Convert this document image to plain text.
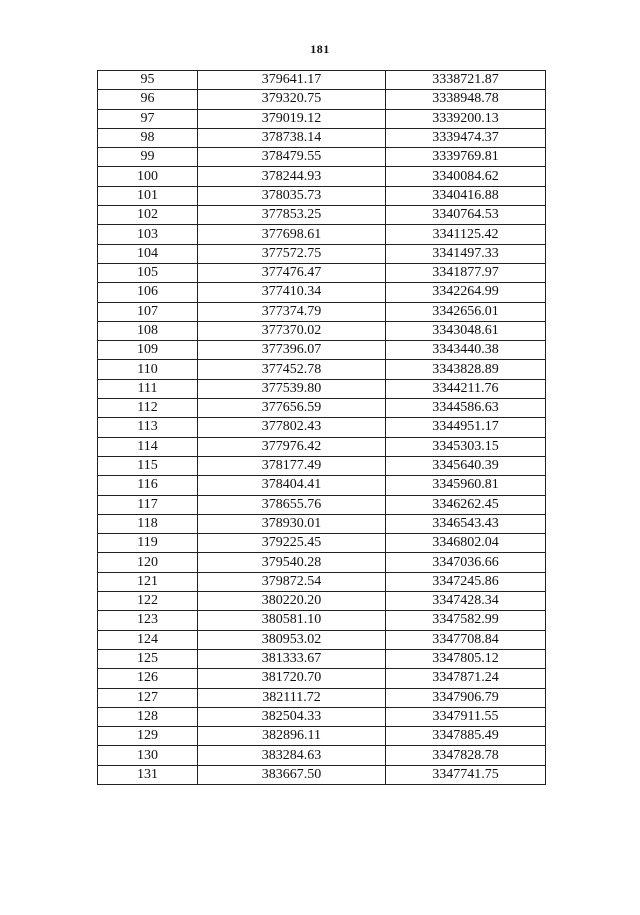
181
95	379641.17	3338721.87
96	379320.75	3338948.78
97	379019.12	3339200.13
98	378738.14	3339474.37
99	378479.55	3339769.81
100	378244.93	3340084.62
101	378035.73	3340416.88
102	377853.25	3340764.53
103	377698.61	3341125.42
104	377572.75	3341497.33
105	377476.47	3341877.97
106	377410.34	3342264.99
107	377374.79	3342656.01
108	377370.02	3343048.61
109	377396.07	3343440.38
110	377452.78	3343828.89
111	377539.80	3344211.76
112	377656.59	3344586.63
113	377802.43	3344951.17
114	377976.42	3345303.15
115	378177.49	3345640.39
116	378404.41	3345960.81
117	378655.76	3346262.45
118	378930.01	3346543.43
119	379225.45	3346802.04
120	379540.28	3347036.66
121	379872.54	3347245.86
122	380220.20	3347428.34
123	380581.10	3347582.99
124	380953.02	3347708.84
125	381333.67	3347805.12
126	381720.70	3347871.24
127	382111.72	3347906.79
128	382504.33	3347911.55
129	382896.11	3347885.49
130	383284.63	3347828.78
131	383667.50	3347741.75
